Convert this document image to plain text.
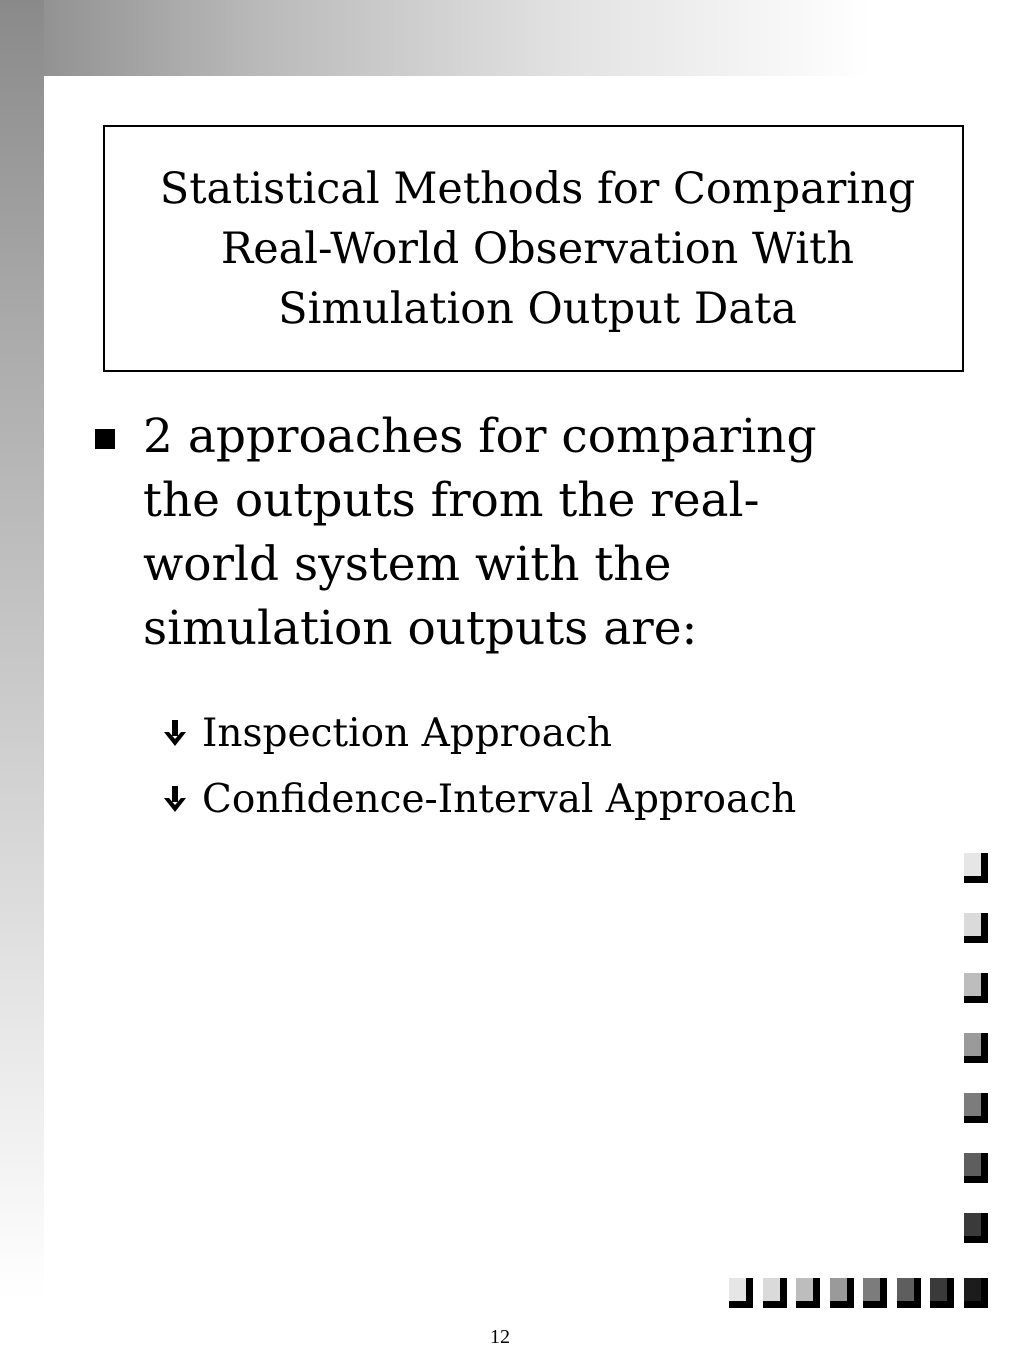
Statistical Methods for Comparing
Real-World Observation With
Simulation Output Data
2 approaches for comparing
the outputs from the real-
world system with the
simulation outputs are:
Inspection Approach
Confidence-Interval Approach
12
